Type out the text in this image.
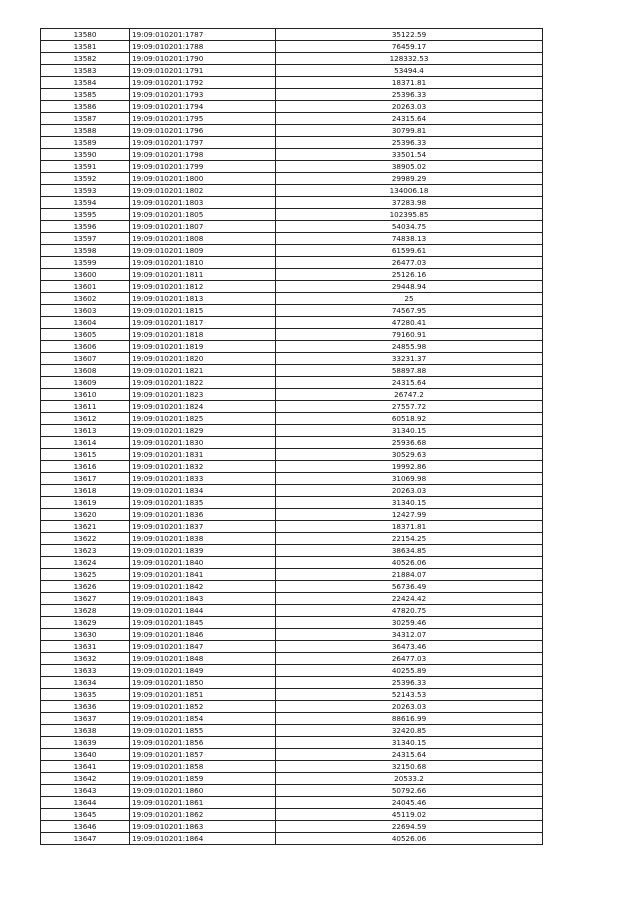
13580	19:09:010201:1787	35122.59
13581	19:09:010201:1788	76459.17
13582	19:09:010201:1790	128332.53
13583	19:09:010201:1791	53494.4
13584	19:09:010201:1792	18371.81
13585	19:09:010201:1793	25396.33
13586	19:09:010201:1794	20263.03
13587	19:09:010201:1795	24315.64
13588	19:09:010201:1796	30799.81
13589	19:09:010201:1797	25396.33
13590	19:09:010201:1798	33501.54
13591	19:09:010201:1799	38905.02
13592	19:09:010201:1800	29989.29
13593	19:09:010201:1802	134006.18
13594	19:09:010201:1803	37283.98
13595	19:09:010201:1805	102395.85
13596	19:09:010201:1807	54034.75
13597	19:09:010201:1808	74838.13
13598	19:09:010201:1809	61599.61
13599	19:09:010201:1810	26477.03
13600	19:09:010201:1811	25126.16
13601	19:09:010201:1812	29448.94
13602	19:09:010201:1813	25
13603	19:09:010201:1815	74567.95
13604	19:09:010201:1817	47280.41
13605	19:09:010201:1818	79160.91
13606	19:09:010201:1819	24855.98
13607	19:09:010201:1820	33231.37
13608	19:09:010201:1821	58897.88
13609	19:09:010201:1822	24315.64
13610	19:09:010201:1823	26747.2
13611	19:09:010201:1824	27557.72
13612	19:09:010201:1825	60518.92
13613	19:09:010201:1829	31340.15
13614	19:09:010201:1830	25936.68
13615	19:09:010201:1831	30529.63
13616	19:09:010201:1832	19992.86
13617	19:09:010201:1833	31069.98
13618	19:09:010201:1834	20263.03
13619	19:09:010201:1835	31340.15
13620	19:09:010201:1836	12427.99
13621	19:09:010201:1837	18371.81
13622	19:09:010201:1838	22154.25
13623	19:09:010201:1839	38634.85
13624	19:09:010201:1840	40526.06
13625	19:09:010201:1841	21884.07
13626	19:09:010201:1842	56736.49
13627	19:09:010201:1843	22424.42
13628	19:09:010201:1844	47820.75
13629	19:09:010201:1845	30259.46
13630	19:09:010201:1846	34312.07
13631	19:09:010201:1847	36473.46
13632	19:09:010201:1848	26477.03
13633	19:09:010201:1849	40255.89
13634	19:09:010201:1850	25396.33
13635	19:09:010201:1851	52143.53
13636	19:09:010201:1852	20263.03
13637	19:09:010201:1854	88616.99
13638	19:09:010201:1855	32420.85
13639	19:09:010201:1856	31340.15
13640	19:09:010201:1857	24315.64
13641	19:09:010201:1858	32150.68
13642	19:09:010201:1859	20533.2
13643	19:09:010201:1860	50792.66
13644	19:09:010201:1861	24045.46
13645	19:09:010201:1862	45119.02
13646	19:09:010201:1863	22694.59
13647	19:09:010201:1864	40526.06
